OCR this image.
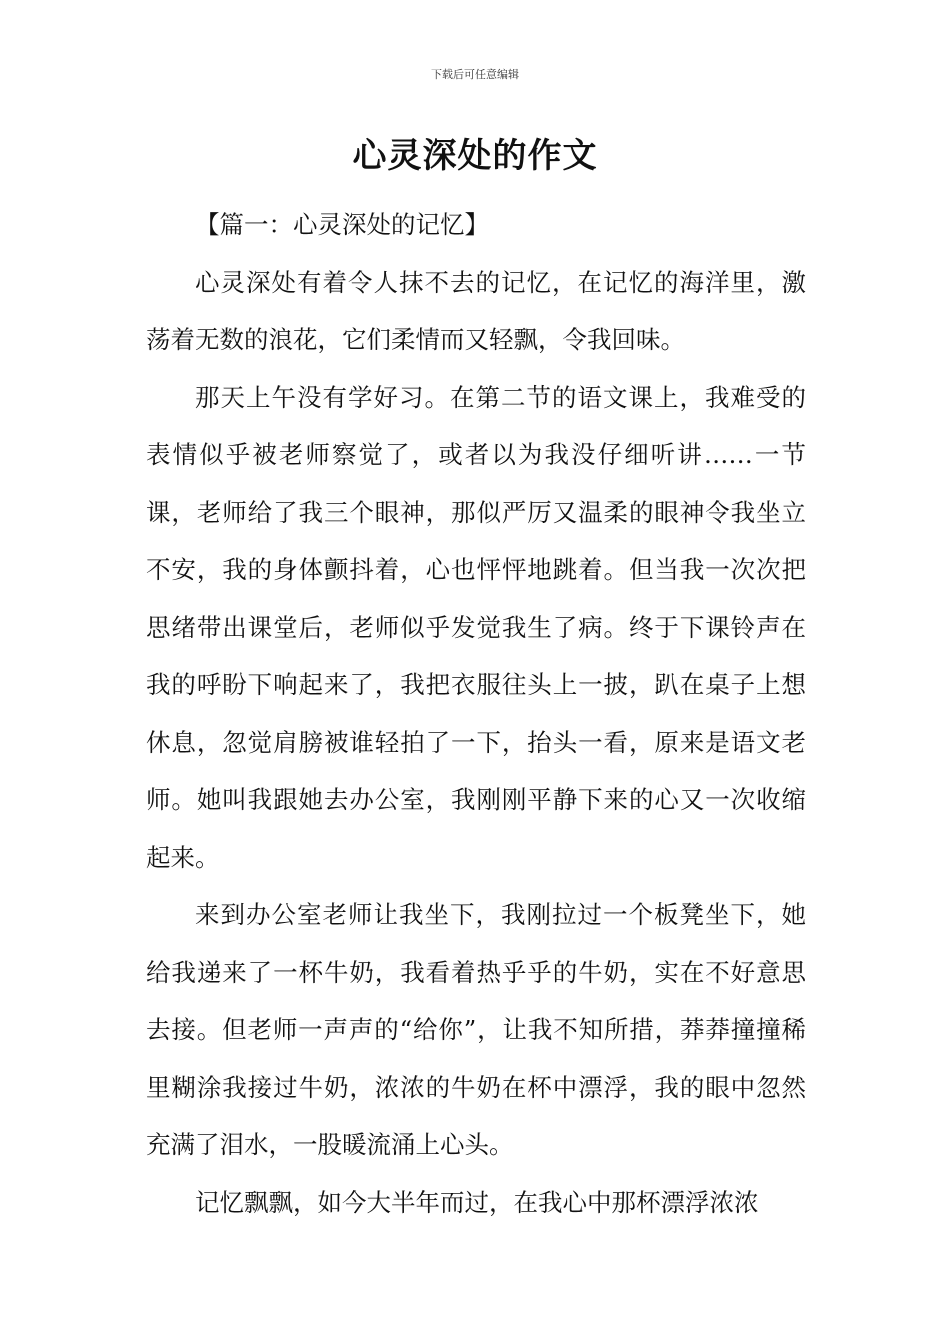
下载后可任意编辑
心灵深处的作文
【篇一：心灵深处的记忆】

心灵深处有着令人抹不去的记忆，在记忆的海洋里，激荡着无数的浪花，它们柔情而又轻飘，令我回味。

那天上午没有学好习。在第二节的语文课上，我难受的表情似乎被老师察觉了，或者以为我没仔细听讲……一节课，老师给了我三个眼神，那似严厉又温柔的眼神令我坐立不安，我的身体颤抖着，心也怦怦地跳着。但当我一次次把思绪带出课堂后，老师似乎发觉我生了病。终于下课铃声在我的呼盼下响起来了，我把衣服往头上一披，趴在桌子上想休息，忽觉肩膀被谁轻拍了一下，抬头一看，原来是语文老师。她叫我跟她去办公室，我刚刚平静下来的心又一次收缩起来。

来到办公室老师让我坐下，我刚拉过一个板凳坐下，她给我递来了一杯牛奶，我看着热乎乎的牛奶，实在不好意思去接。但老师一声声的“给你”，让我不知所措，莽莽撞撞稀里糊涂我接过牛奶，浓浓的牛奶在杯中漂浮，我的眼中忽然充满了泪水，一股暖流涌上心头。

记忆飘飘，如今大半年而过，在我心中那杯漂浮浓浓
